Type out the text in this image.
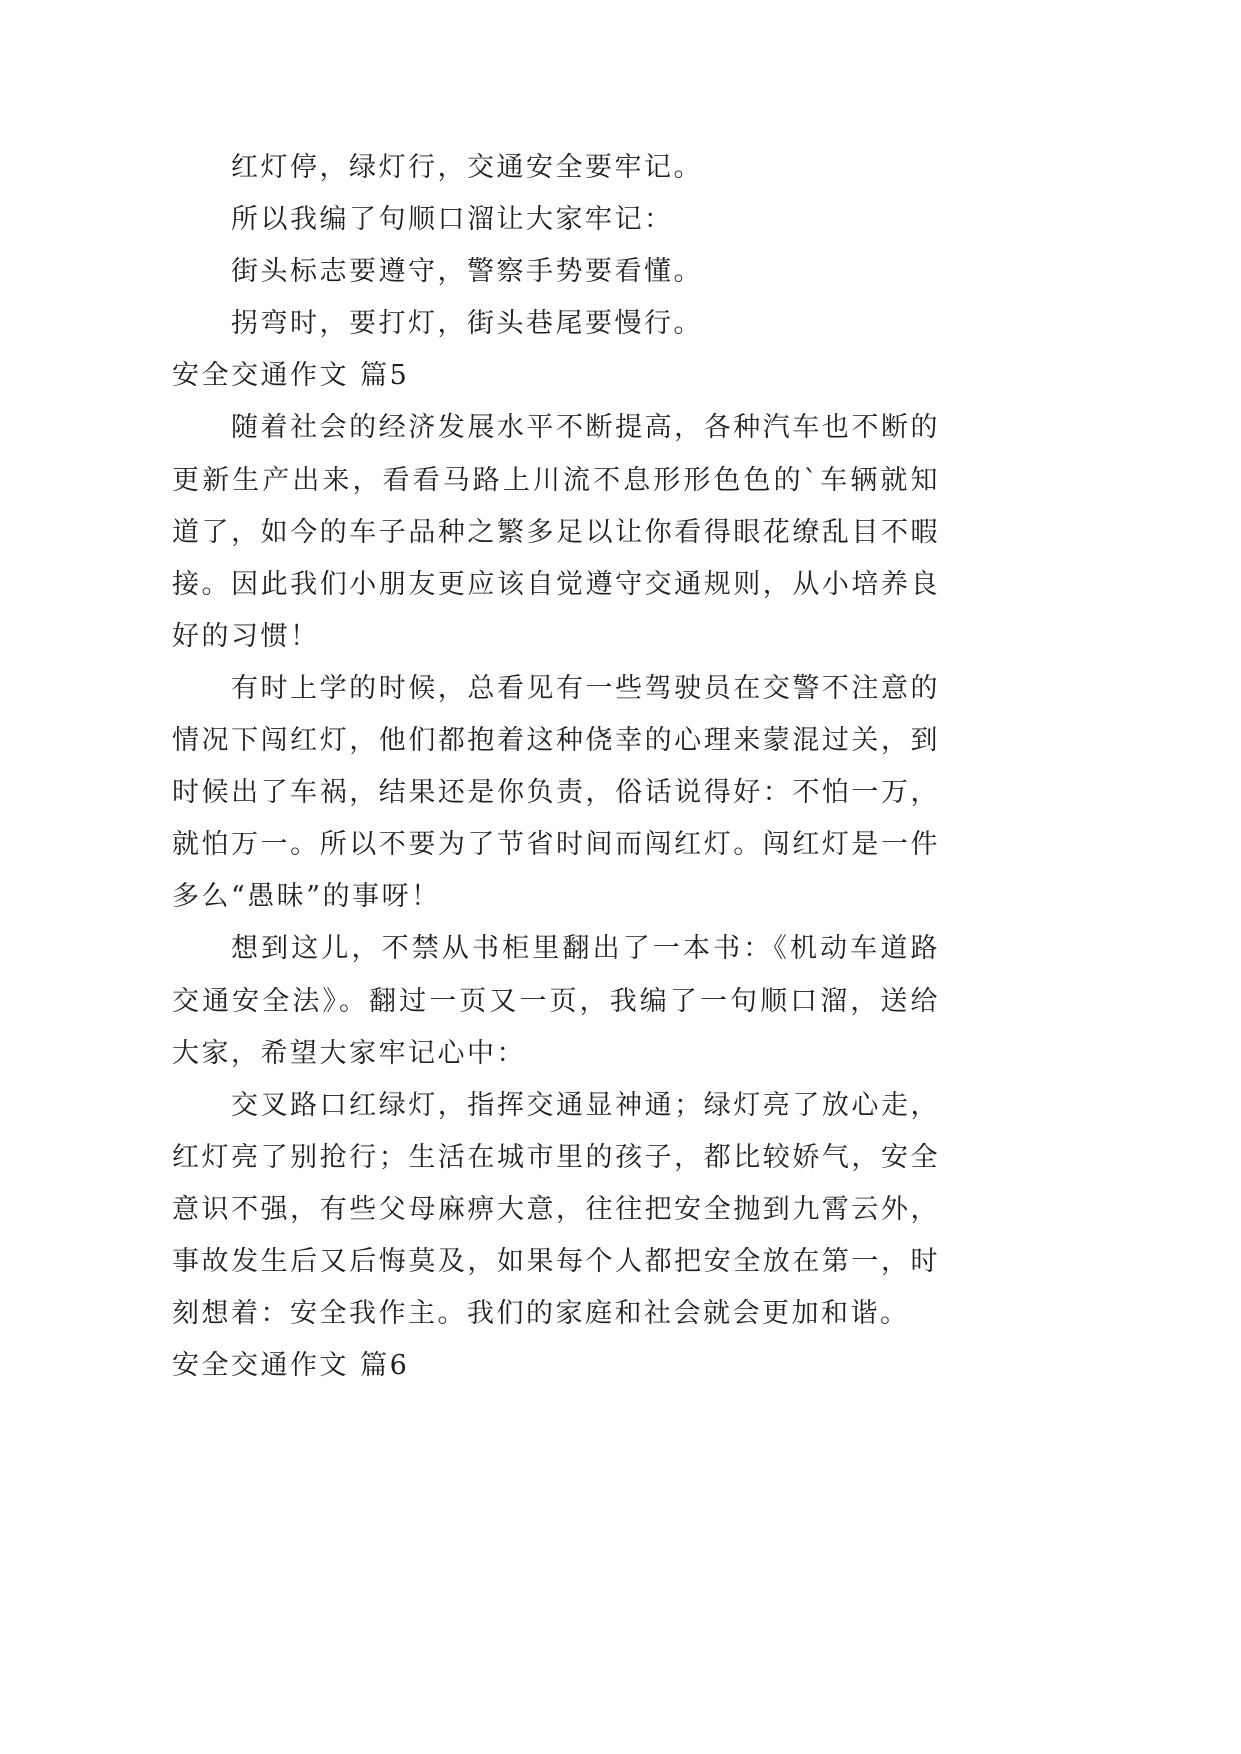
红灯停，绿灯行，交通安全要牢记。
所以我编了句顺口溜让大家牢记：
街头标志要遵守，警察手势要看懂。
拐弯时，要打灯，街头巷尾要慢行。
安全交通作文 篇5
随着社会的经济发展水平不断提高，各种汽车也不断的
更新生产出来，看看马路上川流不息形形色色的`车辆就知
道了，如今的车子品种之繁多足以让你看得眼花缭乱目不暇
接。因此我们小朋友更应该自觉遵守交通规则，从小培养良
好的习惯！
有时上学的时候，总看见有一些驾驶员在交警不注意的
情况下闯红灯，他们都抱着这种侥幸的心理来蒙混过关，到
时候出了车祸，结果还是你负责，俗话说得好：不怕一万，
就怕万一。所以不要为了节省时间而闯红灯。闯红灯是一件
多么“愚昧”的事呀！
想到这儿，不禁从书柜里翻出了一本书：《机动车道路
交通安全法》。翻过一页又一页，我编了一句顺口溜，送给
大家，希望大家牢记心中：
交叉路口红绿灯，指挥交通显神通；绿灯亮了放心走，
红灯亮了别抢行；生活在城市里的孩子，都比较娇气，安全
意识不强，有些父母麻痹大意，往往把安全抛到九霄云外，
事故发生后又后悔莫及，如果每个人都把安全放在第一，时
刻想着：安全我作主。我们的家庭和社会就会更加和谐。
安全交通作文 篇6
